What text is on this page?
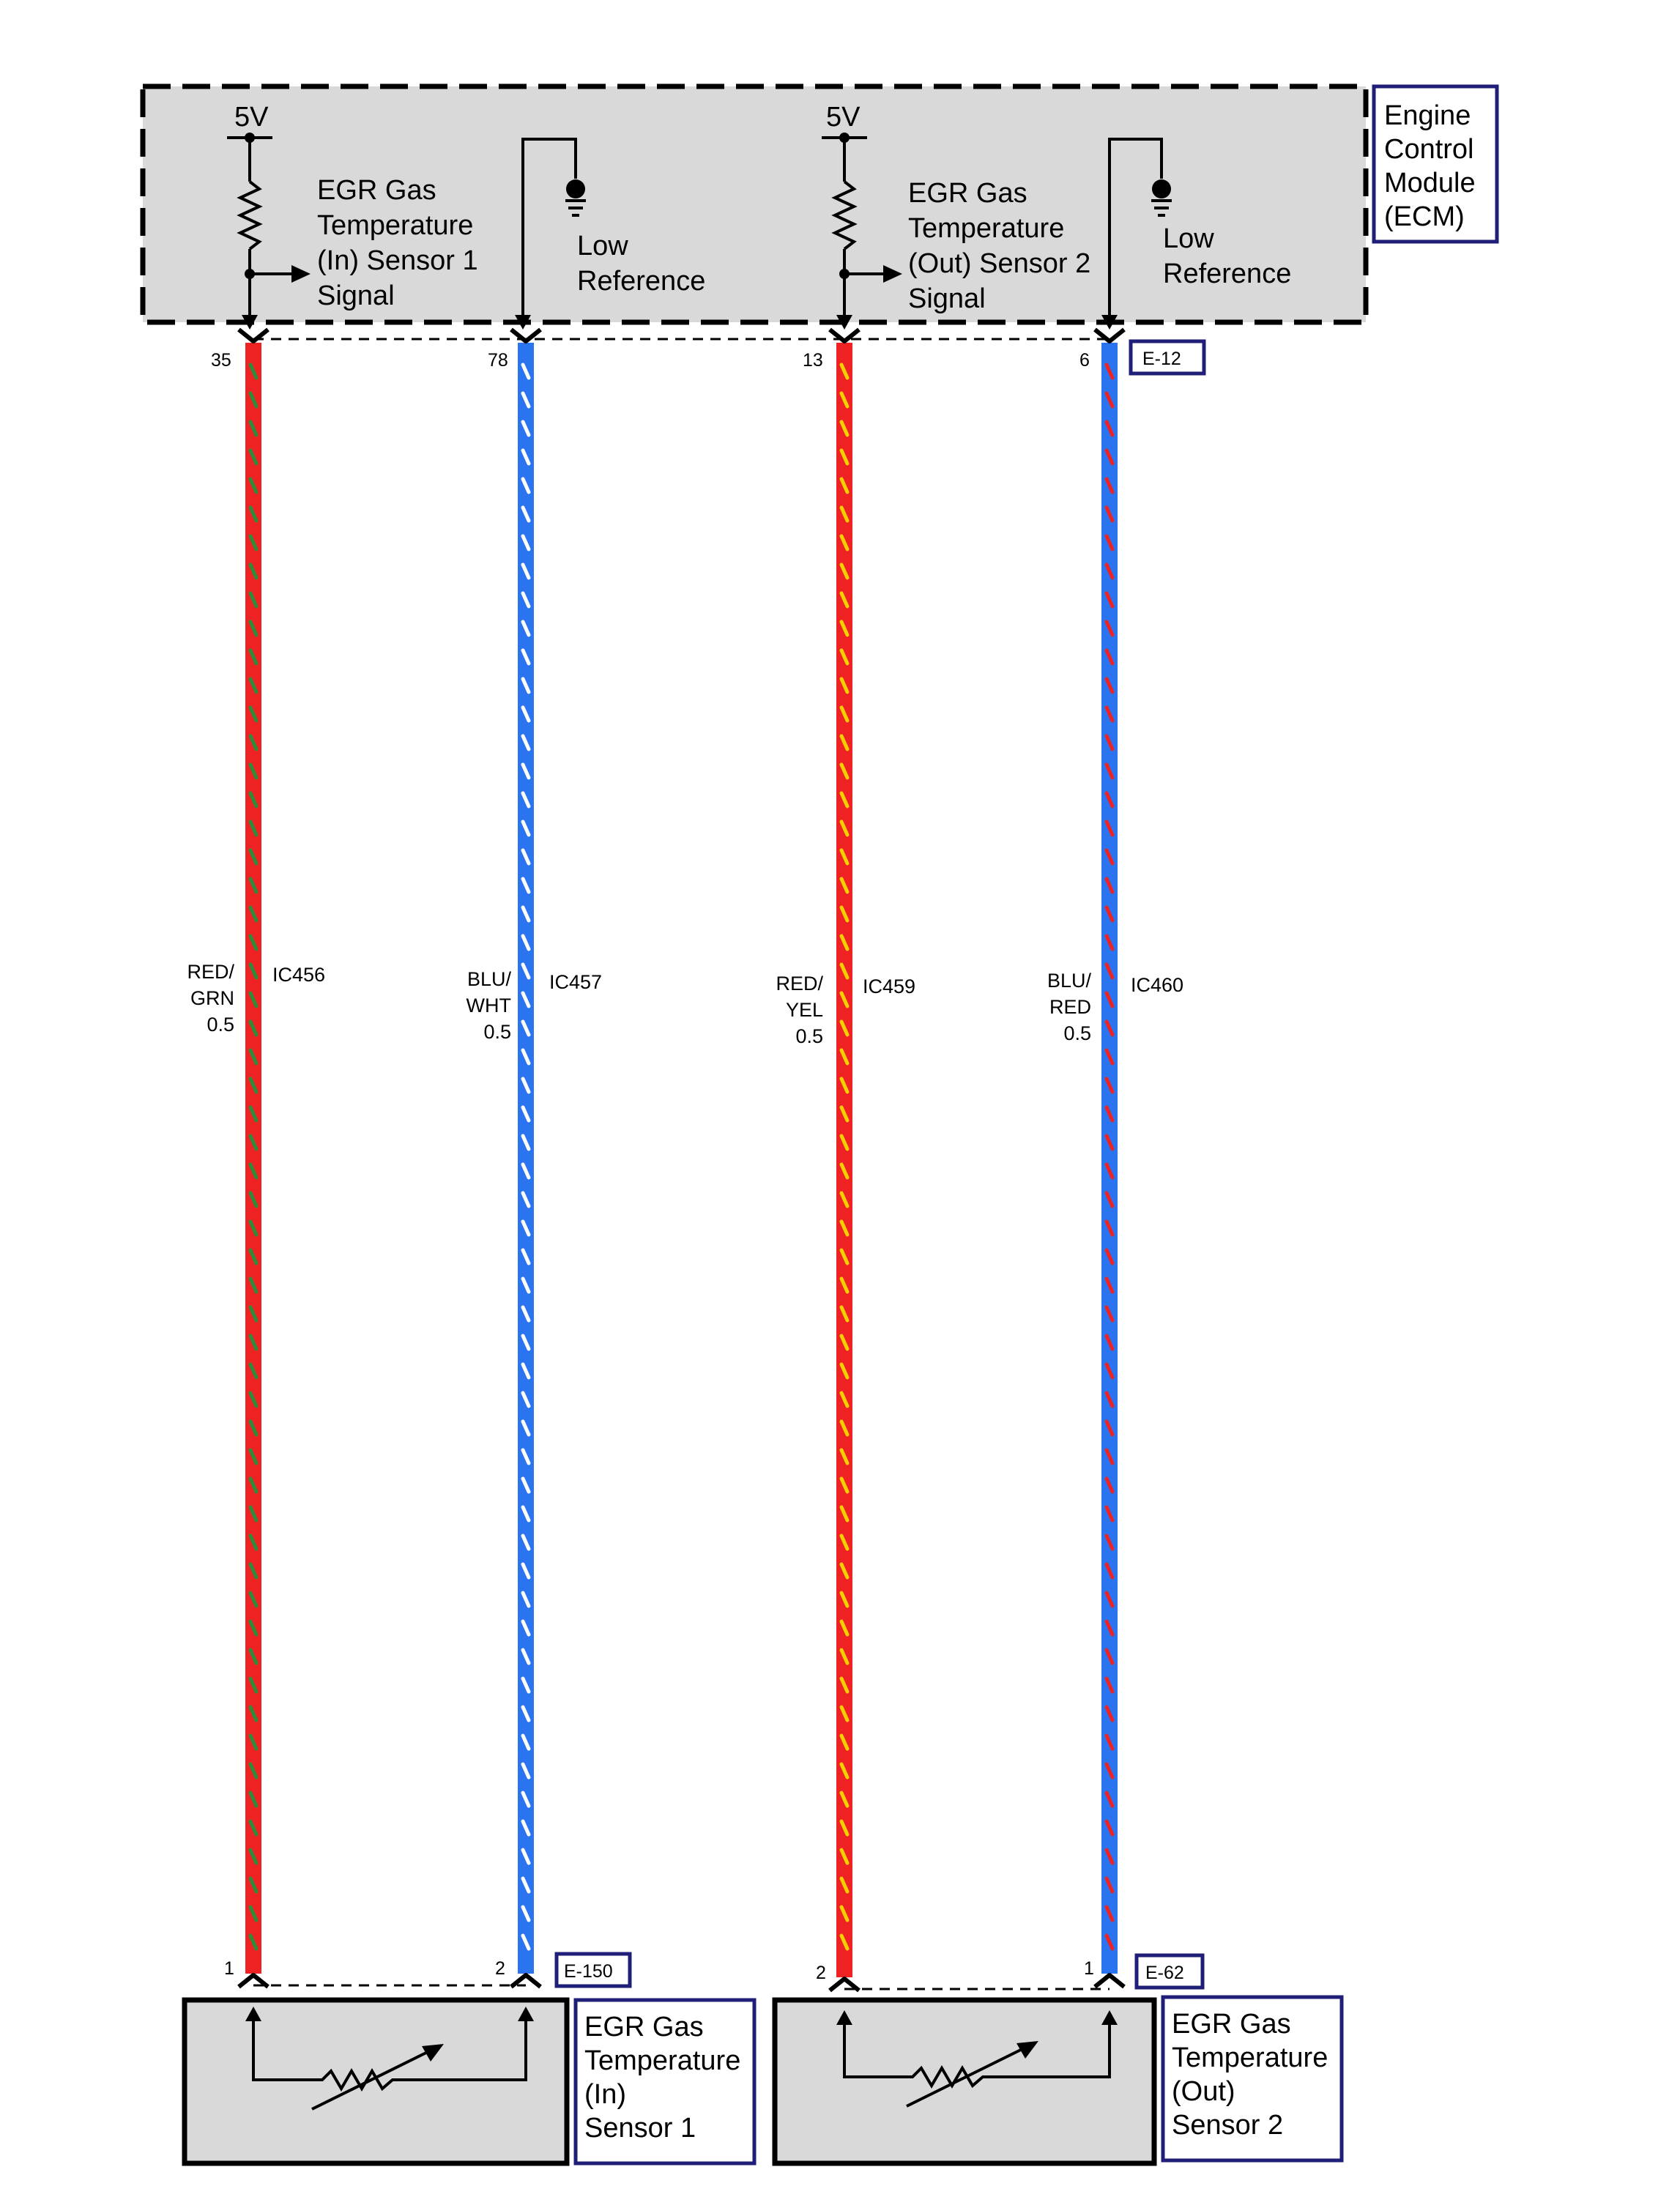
Engine
Control
Module
(ECM)
5V
EGR Gas
Temperature
(In) Sensor 1
Signal
Low
Reference
5V
EGR Gas
Temperature
(Out) Sensor 2
Signal
Low
Reference
E-12
35	78	13	6
1	2	2	1
RED/
GRN
0.5
IC456	BLU/
WHT
0.5
IC457	RED/
YEL
0.5
IC459	BLU/
RED
0.5
IC460
E-150	E-62
EGR Gas
Temperature
(In)
Sensor 1
EGR Gas
Temperature
(Out)
Sensor 2
